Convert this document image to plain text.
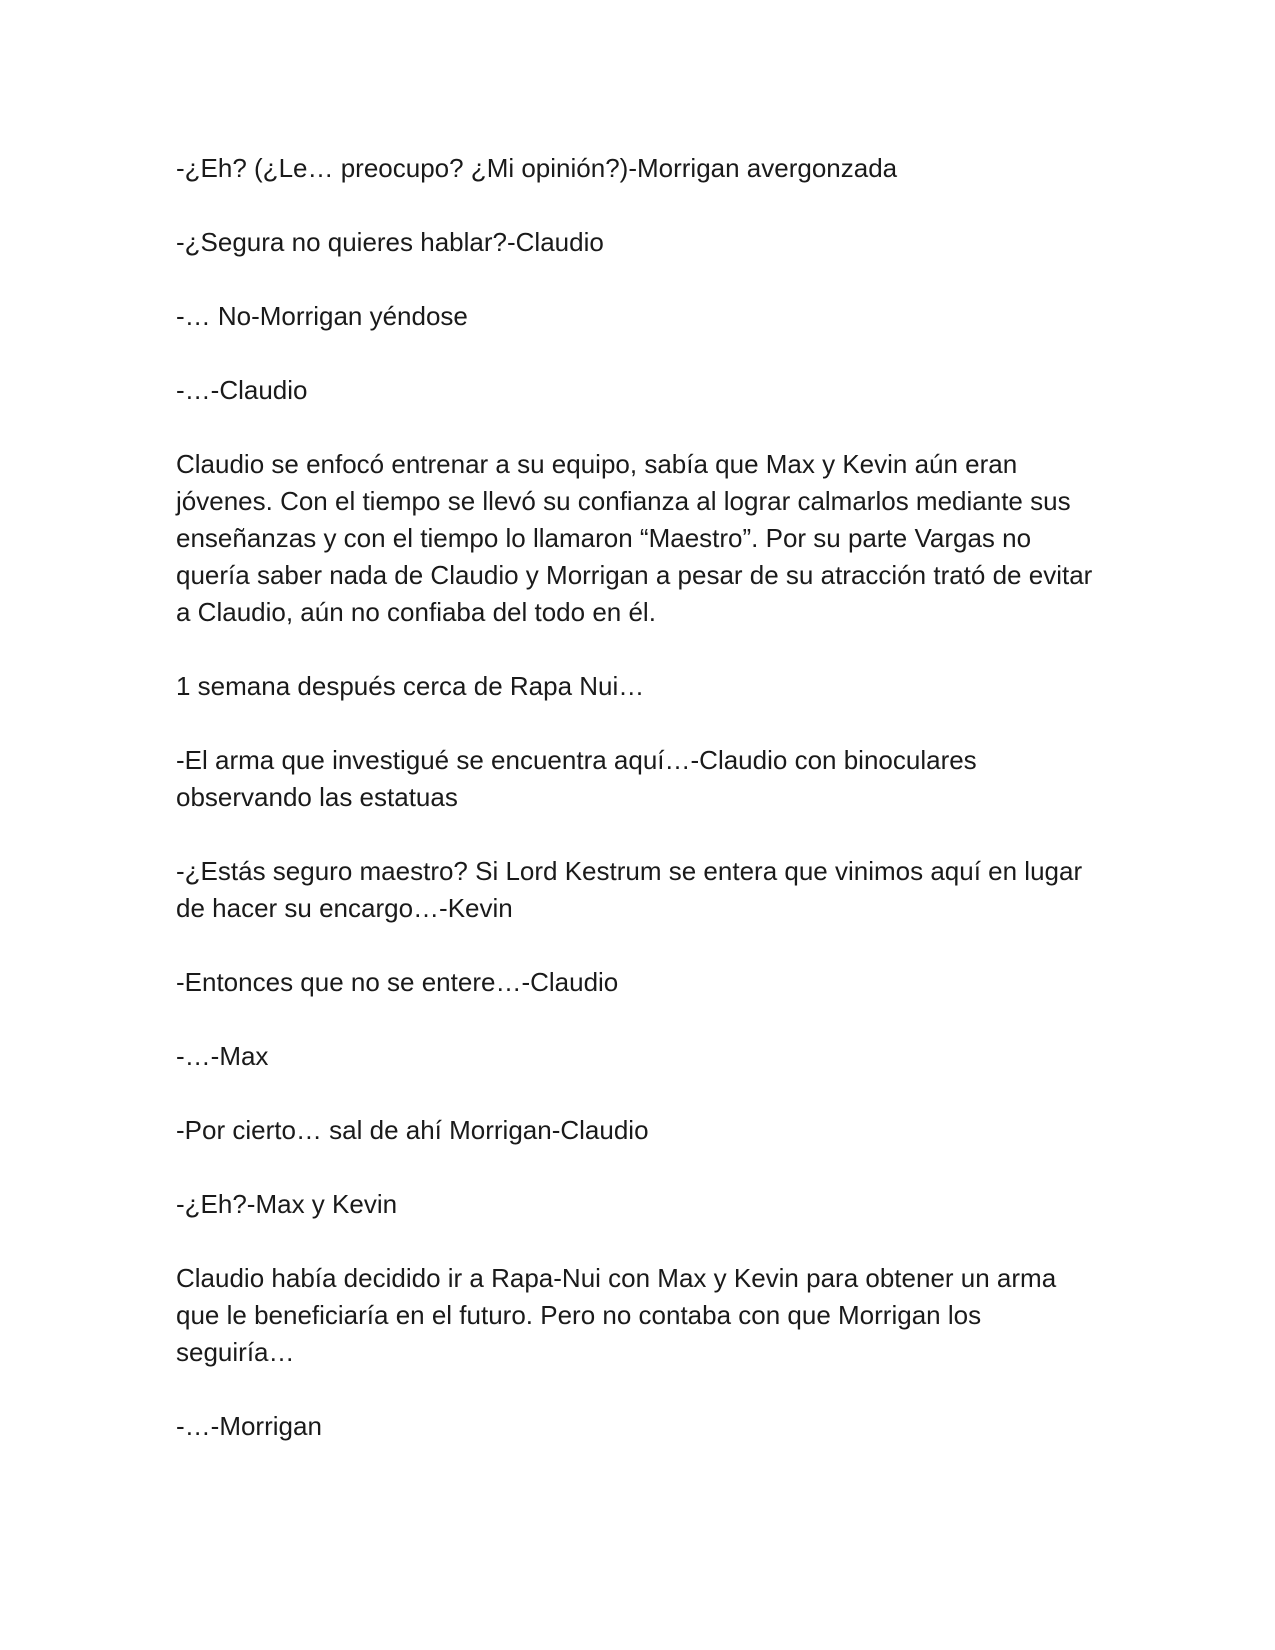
-¿Eh? (¿Le… preocupo? ¿Mi opinión?)-Morrigan avergonzada

-¿Segura no quieres hablar?-Claudio

-… No-Morrigan yéndose

-…-Claudio

Claudio se enfocó entrenar a su equipo, sabía que Max y Kevin aún eran jóvenes. Con el tiempo se llevó su confianza al lograr calmarlos mediante sus enseñanzas y con el tiempo lo llamaron “Maestro”. Por su parte Vargas no quería saber nada de Claudio y Morrigan a pesar de su atracción trató de evitar a Claudio, aún no confiaba del todo en él.

1 semana después cerca de Rapa Nui…

-El arma que investigué se encuentra aquí…-Claudio con binoculares observando las estatuas

-¿Estás seguro maestro? Si Lord Kestrum se entera que vinimos aquí en lugar de hacer su encargo…-Kevin

-Entonces que no se entere…-Claudio

-…-Max

-Por cierto… sal de ahí Morrigan-Claudio

-¿Eh?-Max y Kevin

Claudio había decidido ir a Rapa-Nui con Max y Kevin para obtener un arma que le beneficiaría en el futuro. Pero no contaba con que Morrigan los seguiría…

-…-Morrigan
